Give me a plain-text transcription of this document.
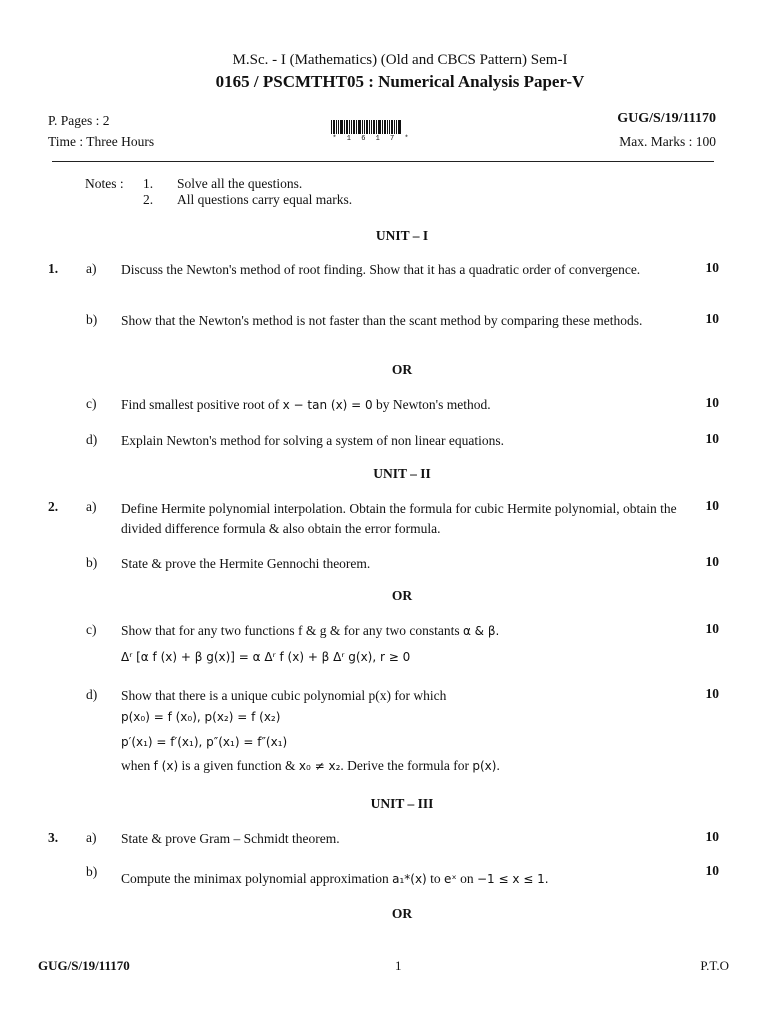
M.Sc. - I (Mathematics) (Old and CBCS Pattern) Sem-I
0165 / PSCMTHT05 : Numerical Analysis Paper-V
P. Pages : 2	GUG/S/19/11170
Time : Three Hours	Max. Marks : 100
* 1 6 1 7 *
Notes : 1. Solve all the questions.
2. All questions carry equal marks.
UNIT – I
1. a) Discuss the Newton's method of root finding. Show that it has a quadratic order of convergence.	10
b) Show that the Newton's method is not faster than the scant method by comparing these methods.	10
OR
c) Find smallest positive root of x − tan (x) = 0 by Newton's method.	10
d) Explain Newton's method for solving a system of non linear equations.	10
UNIT – II
2. a) Define Hermite polynomial interpolation. Obtain the formula for cubic Hermite polynomial, obtain the divided difference formula & also obtain the error formula.
10
b) State & prove the Hermite Gennochi theorem.	10
OR
c) Show that for any two functions f & g & for any two constants α & β.
Δʳ [α f (x) + β g(x)] = α Δʳ f (x) + β Δʳ g(x), r ≥ 0
10
d) Show that there is a unique cubic polynomial p(x) for which
p(x₀) = f (x₀), p(x₂) = f (x₂)
p′(x₁) = f′(x₁), p″(x₁) = f″(x₁)
when f (x) is a given function & x₀ ≠ x₂. Derive the formula for p(x).
10
UNIT – III
3. a) State & prove Gram – Schmidt theorem.	10
b) Compute the minimax polynomial approximation a₁*(x) to eˣ on −1 ≤ x ≤ 1.
10
OR
GUG/S/19/11170	1	P.T.O
